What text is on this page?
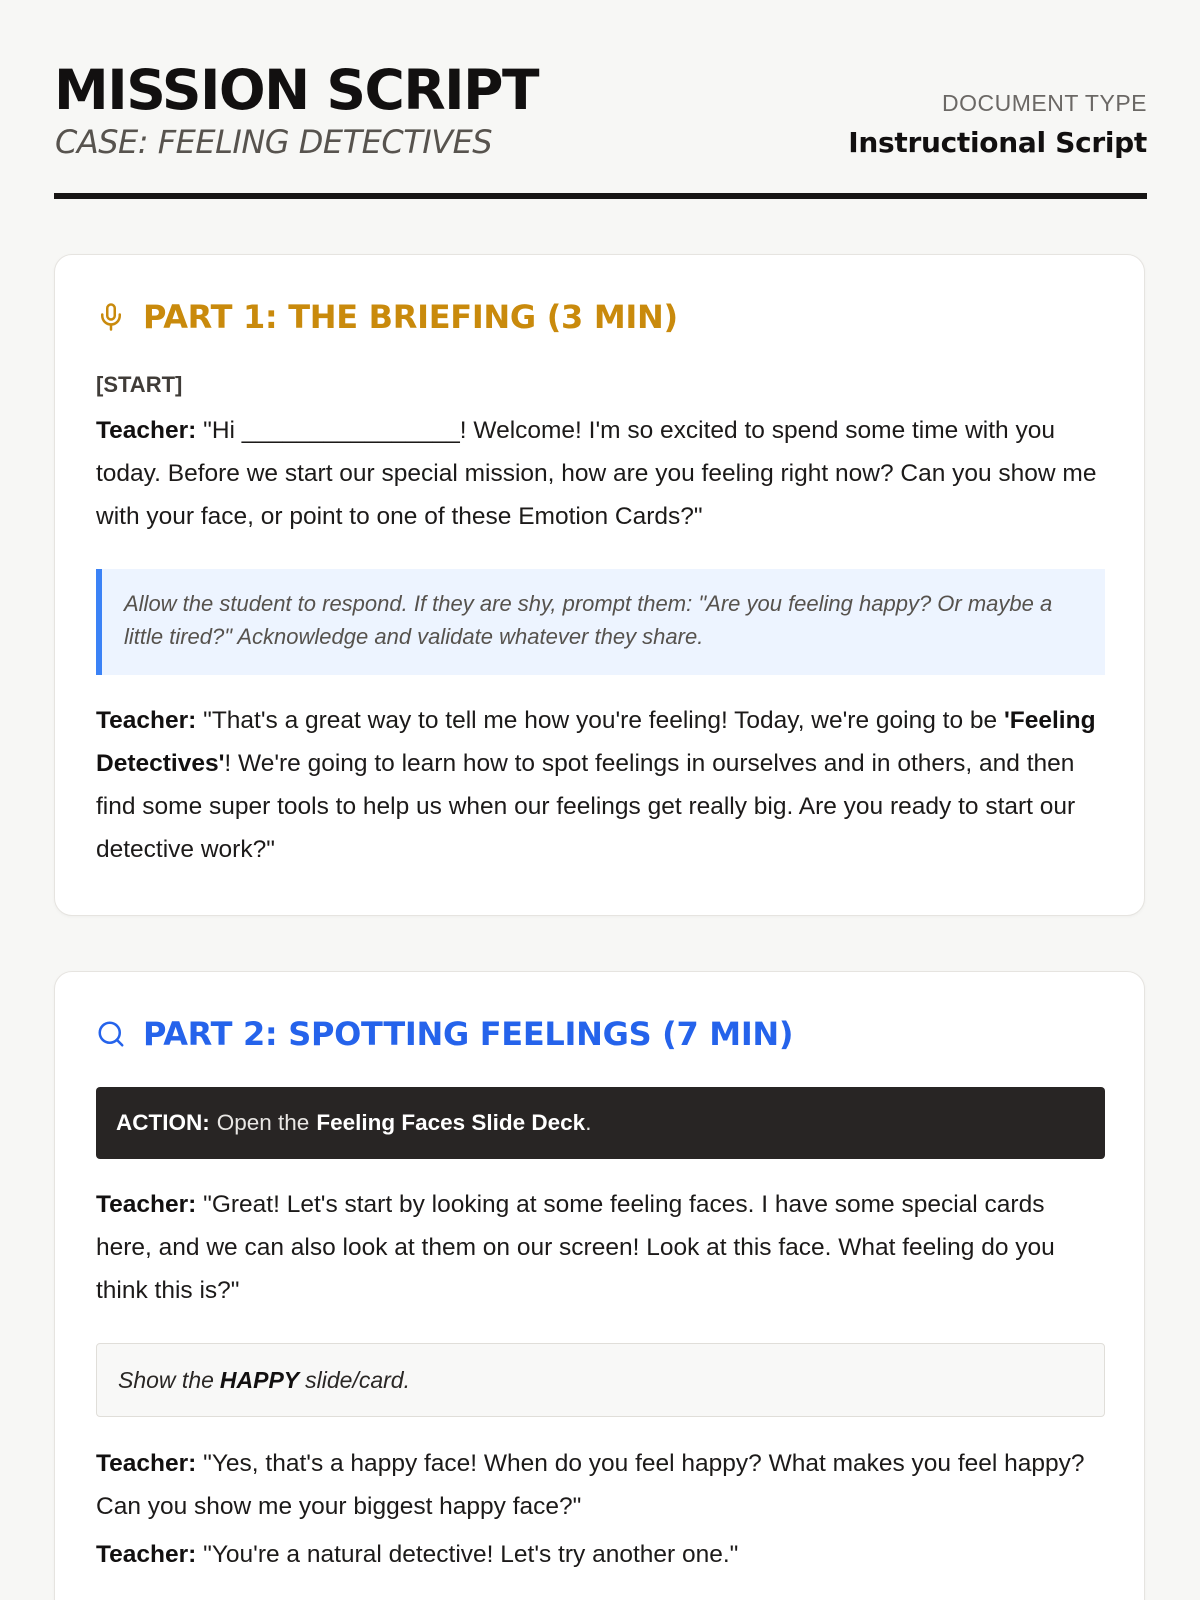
MISSION SCRIPT
CASE: FEELING DETECTIVES
DOCUMENT TYPE
Instructional Script
PART 1: THE BRIEFING (3 MIN)
[START]

Teacher: "Hi ________________! Welcome! I'm so excited to spend some time with you today. Before we start our special mission, how are you feeling right now? Can you show me with your face, or point to one of these Emotion Cards?"

Allow the student to respond. If they are shy, prompt them: "Are you feeling happy? Or maybe a little tired?" Acknowledge and validate whatever they share.

Teacher: "That's a great way to tell me how you're feeling! Today, we're going to be 'Feeling Detectives'! We're going to learn how to spot feelings in ourselves and in others, and then find some super tools to help us when our feelings get really big. Are you ready to start our detective work?"

PART 2: SPOTTING FEELINGS (7 MIN)
ACTION: Open the Feeling Faces Slide Deck .

Teacher: "Great! Let's start by looking at some feeling faces. I have some special cards here, and we can also look at them on our screen! Look at this face. What feeling do you think this is?"

Show the HAPPY slide/card.

Teacher: "Yes, that's a happy face! When do you feel happy? What makes you feel happy? Can you show me your biggest happy face?"

Teacher: "You're a natural detective! Let's try another one."
